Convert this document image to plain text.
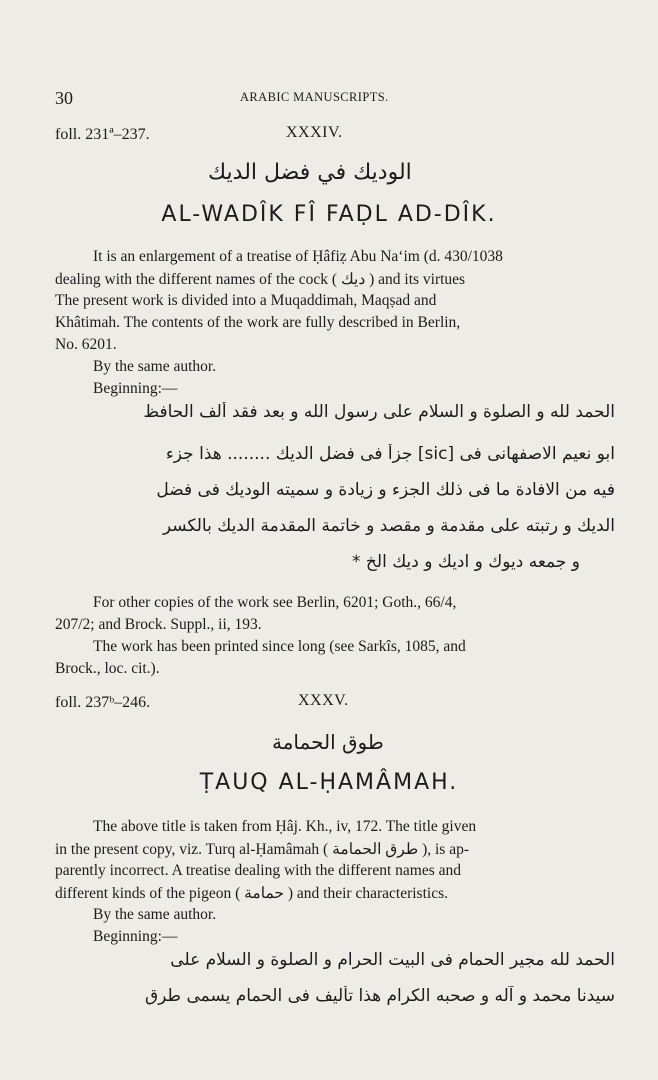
30	ARABIC MANUSCRIPTS.
foll. 231ª–237.	XXXIV.
الوديك في فضل الديك
AL-WADÎK FÎ FAḌL AD-DÎK.
It is an enlargement of a treatise of Ḥâfiẓ Abu Na‘im (d. 430/1038
dealing with the different names of the cock ( ديك ) and its virtues
The present work is divided into a Muqaddimah, Maqṣad and
Khâtimah. The contents of the work are fully described in Berlin,
No. 6201.
By the same author.
Beginning:—
الحمد لله و الصلوة و السلام على رسول الله و بعد فقد ألف الحافظ
ابو نعيم الاصفهانى فى [sic] جزأً فى فضل الديك ........ هذا جزء
فيه من الافادة ما فى ذلك الجزء و زيادة و سميته الوديك فى فضل
الديك و رتبته على مقدمة و مقصد و خاتمة المقدمة الديك بالكسر
و جمعه ديوك و اديك و ديك الخ *
For other copies of the work see Berlin, 6201; Goth., 66/4,
207/2; and Brock. Suppl., ii, 193.
The work has been printed since long (see Sarkîs, 1085, and
Brock., loc. cit.).
foll. 237ᵇ–246.	XXXV.
طوق الحمامة
ṬAUQ AL-ḤAMÂMAH.
The above title is taken from Ḥâj. Kh., iv, 172. The title given
in the present copy, viz. Turq al-Ḥamâmah ( طرق الحمامة ), is ap-
parently incorrect. A treatise dealing with the different names and
different kinds of the pigeon ( حمامة ) and their characteristics.
By the same author.
Beginning:—
الحمد لله مجير الحمام فى البيت الحرام و الصلوة و السلام على
سيدنا محمد و آله و صحبه الكرام هذا تأليف فى الحمام يسمى طرق
